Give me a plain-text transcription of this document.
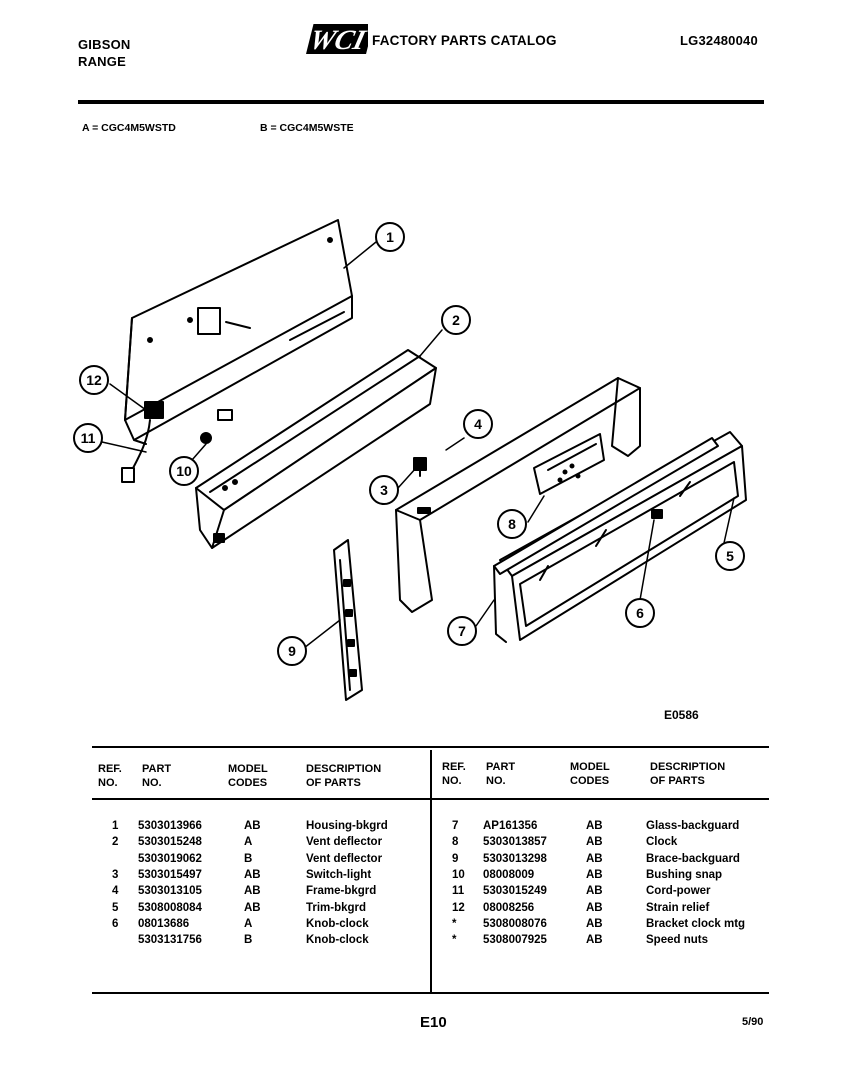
GIBSON
RANGE
WCI FACTORY PARTS CATALOG	LG32480040
A = CGC4M5WSTD	B = CGC4M5WSTE
1
2
3
4
5
6
7
8
9
10
11
12
E0586
REF.
NO.
PART
NO.
MODEL
CODES
DESCRIPTION
OF PARTS
REF.
NO.
PART
NO.
MODEL
CODES
DESCRIPTION
OF PARTS
1 5303013966	AB	Housing-bkgrd
2 5303015248	A	Vent deflector
5303019062	B	Vent deflector
3 5303015497	AB	Switch-light
4 5303013105	AB	Frame-bkgrd
5 5308008084	AB	Trim-bkgrd
6 08013686	A	Knob-clock
5303131756	B	Knob-clock
7 AP161356	AB	Glass-backguard
8 5303013857	AB	Clock
9 5303013298	AB	Brace-backguard
10 08008009	AB	Bushing snap
11 5303015249	AB	Cord-power
12 08008256	AB	Strain relief
* 5308008076	AB	Bracket clock mtg
* 5308007925	AB	Speed nuts
E10	5/90
